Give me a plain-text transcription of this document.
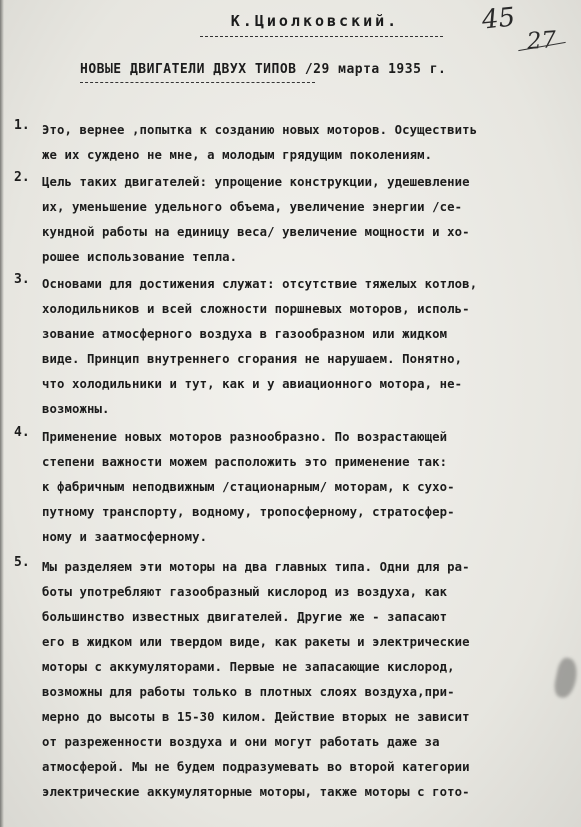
К.Циолковский.	45
27
НОВЫЕ ДВИГАТЕЛИ ДВУХ ТИПОВ /29 марта 1935 г.
1. Это, вернее ,попытка к созданию новых моторов. Осуществить
же их суждено не мне, а молодым грядущим поколениям.
2. Цель таких двигателей: упрощение конструкции, удешевление
их, уменьшение удельного объема, увеличение энергии /се-
кундной работы на единицу веса/ увеличение мощности и хо-
рошее использование тепла.
3. Основами для достижения служат: отсутствие тяжелых котлов,
холодильников и всей сложности поршневых моторов, исполь-
зование атмосферного воздуха в газообразном или жидком
виде. Принцип внутреннего сгорания не нарушаем. Понятно,
что холодильники и тут, как и у авиационного мотора, не-
возможны.
4. Применение новых моторов разнообразно. По возрастающей
степени важности можем расположить это применение так:
к фабричным неподвижным /стационарным/ моторам, к сухо-
путному транспорту, водному, тропосферному, стратосфер-
ному и заатмосферному.
5. Мы разделяем эти моторы на два главных типа. Одни для ра-
боты употребляют газообразный кислород из воздуха, как
большинство известных двигателей. Другие же - запасают
его в жидком или твердом виде, как ракеты и электрические
моторы с аккумуляторами. Первые не запасающие кислород,
возможны для работы только в плотных слоях воздуха,при-
мерно до высоты в 15-30 килом. Действие вторых не зависит
от разреженности воздуха и они могут работать даже за
атмосферой. Мы не будем подразумевать во второй категории
электрические аккумуляторные моторы, также моторы с гото-
